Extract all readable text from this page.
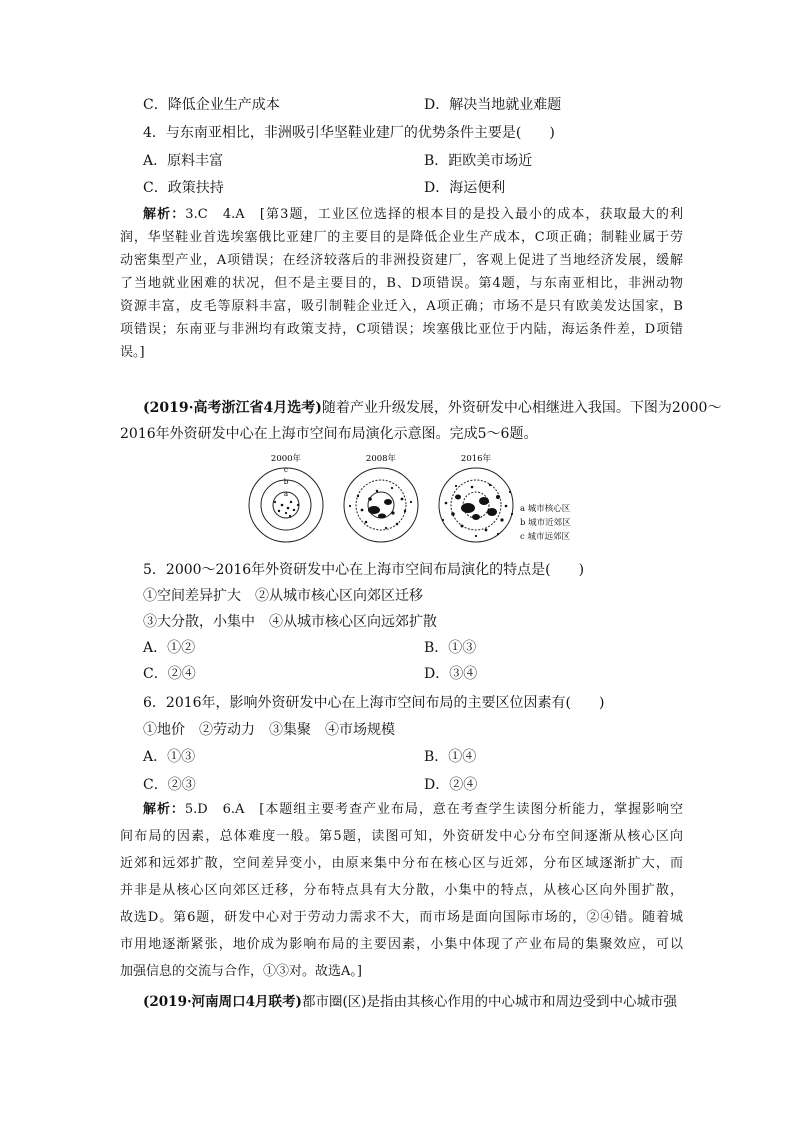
C．降低企业生产成本	D．解决当地就业难题
4．与东南亚相比，非洲吸引华坚鞋业建厂的优势条件主要是(　　)
A．原料丰富	B．距欧美市场近
C．政策扶持	D．海运便利
解析：3.C　4.A　[第3题，工业区位选择的根本目的是投入最小的成本，获取最大的利
润，华坚鞋业首选埃塞俄比亚建厂的主要目的是降低企业生产成本，C项正确；制鞋业属于劳
动密集型产业，A项错误；在经济较落后的非洲投资建厂，客观上促进了当地经济发展，缓解
了当地就业困难的状况，但不是主要目的，B、D项错误。第4题，与东南亚相比，非洲动物
资源丰富，皮毛等原料丰富，吸引制鞋企业迁入，A项正确；市场不是只有欧美发达国家，B
项错误；东南亚与非洲均有政策支持，C项错误；埃塞俄比亚位于内陆，海运条件差，D项错
误。]
(2019·高考浙江省4月选考)随着产业升级发展，外资研发中心相继进入我国。下图为2000～
2016年外资研发中心在上海市空间布局演化示意图。完成5～6题。
2000年
b
c
a
2008年	2016年
a 城市核心区
b 城市近郊区
c 城市远郊区
5．2000～2016年外资研发中心在上海市空间布局演化的特点是(　　)
①空间差异扩大　②从城市核心区向郊区迁移
③大分散，小集中　④从城市核心区向远郊扩散
A．①②	B．①③
C．②④	D．③④
6．2016年，影响外资研发中心在上海市空间布局的主要区位因素有(　　)
①地价　②劳动力　③集聚　④市场规模
A．①③	B．①④
C．②③	D．②④
解析：5.D　6.A　[本题组主要考查产业布局，意在考查学生读图分析能力，掌握影响空
间布局的因素，总体难度一般。第5题，读图可知，外资研发中心分布空间逐渐从核心区向
近郊和远郊扩散，空间差异变小，由原来集中分布在核心区与近郊，分布区域逐渐扩大，而
并非是从核心区向郊区迁移，分布特点具有大分散，小集中的特点，从核心区向外围扩散，
故选D。第6题，研发中心对于劳动力需求不大，而市场是面向国际市场的，②④错。随着城
市用地逐渐紧张，地价成为影响布局的主要因素，小集中体现了产业布局的集聚效应，可以
加强信息的交流与合作，①③对。故选A。]
(2019·河南周口4月联考)都市圈(区)是指由其核心作用的中心城市和周边受到中心城市强
